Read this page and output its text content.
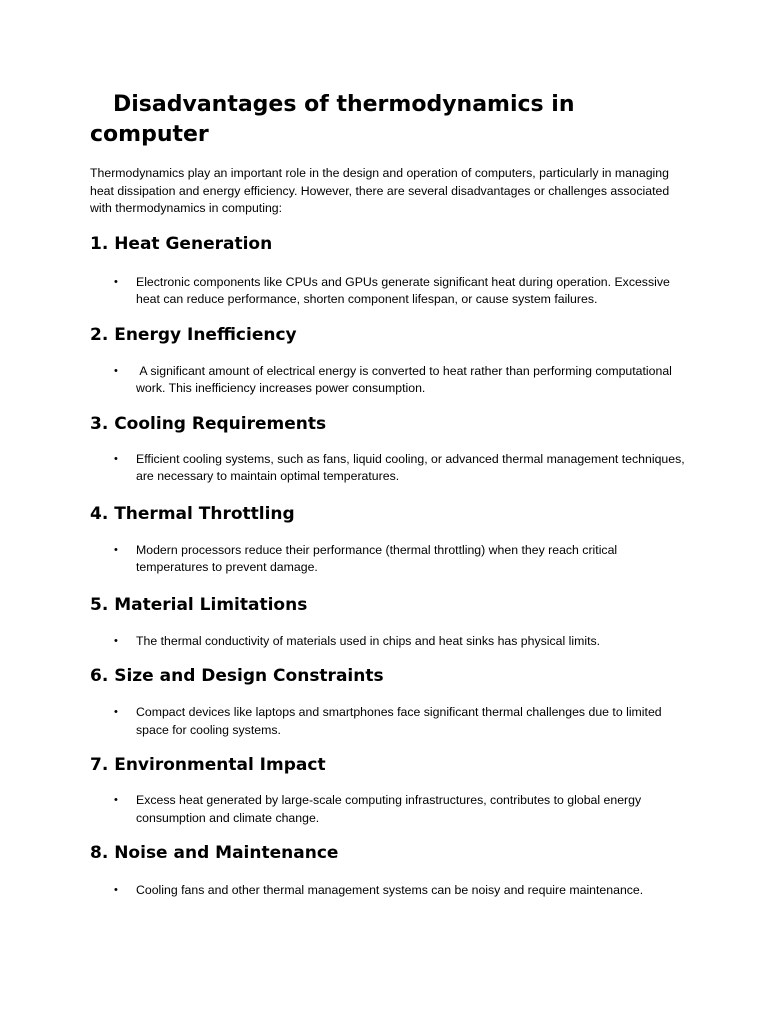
Disadvantages of thermodynamics in computer

Thermodynamics play an important role in the design and operation of computers, particularly in managing heat dissipation and energy efficiency. However, there are several disadvantages or challenges associated with thermodynamics in computing:

1. Heat Generation
• Electronic components like CPUs and GPUs generate significant heat during operation. Excessive heat can reduce performance, shorten component lifespan, or cause system failures.
2. Energy Inefficiency
• A significant amount of electrical energy is converted to heat rather than performing computational work. This inefficiency increases power consumption.
3. Cooling Requirements
• Efficient cooling systems, such as fans, liquid cooling, or advanced thermal management techniques, are necessary to maintain optimal temperatures.
4. Thermal Throttling
• Modern processors reduce their performance (thermal throttling) when they reach critical temperatures to prevent damage.
5. Material Limitations
• The thermal conductivity of materials used in chips and heat sinks has physical limits.
6. Size and Design Constraints
• Compact devices like laptops and smartphones face significant thermal challenges due to limited space for cooling systems.
7. Environmental Impact
• Excess heat generated by large-scale computing infrastructures, contributes to global energy consumption and climate change.
8. Noise and Maintenance
• Cooling fans and other thermal management systems can be noisy and require maintenance.
